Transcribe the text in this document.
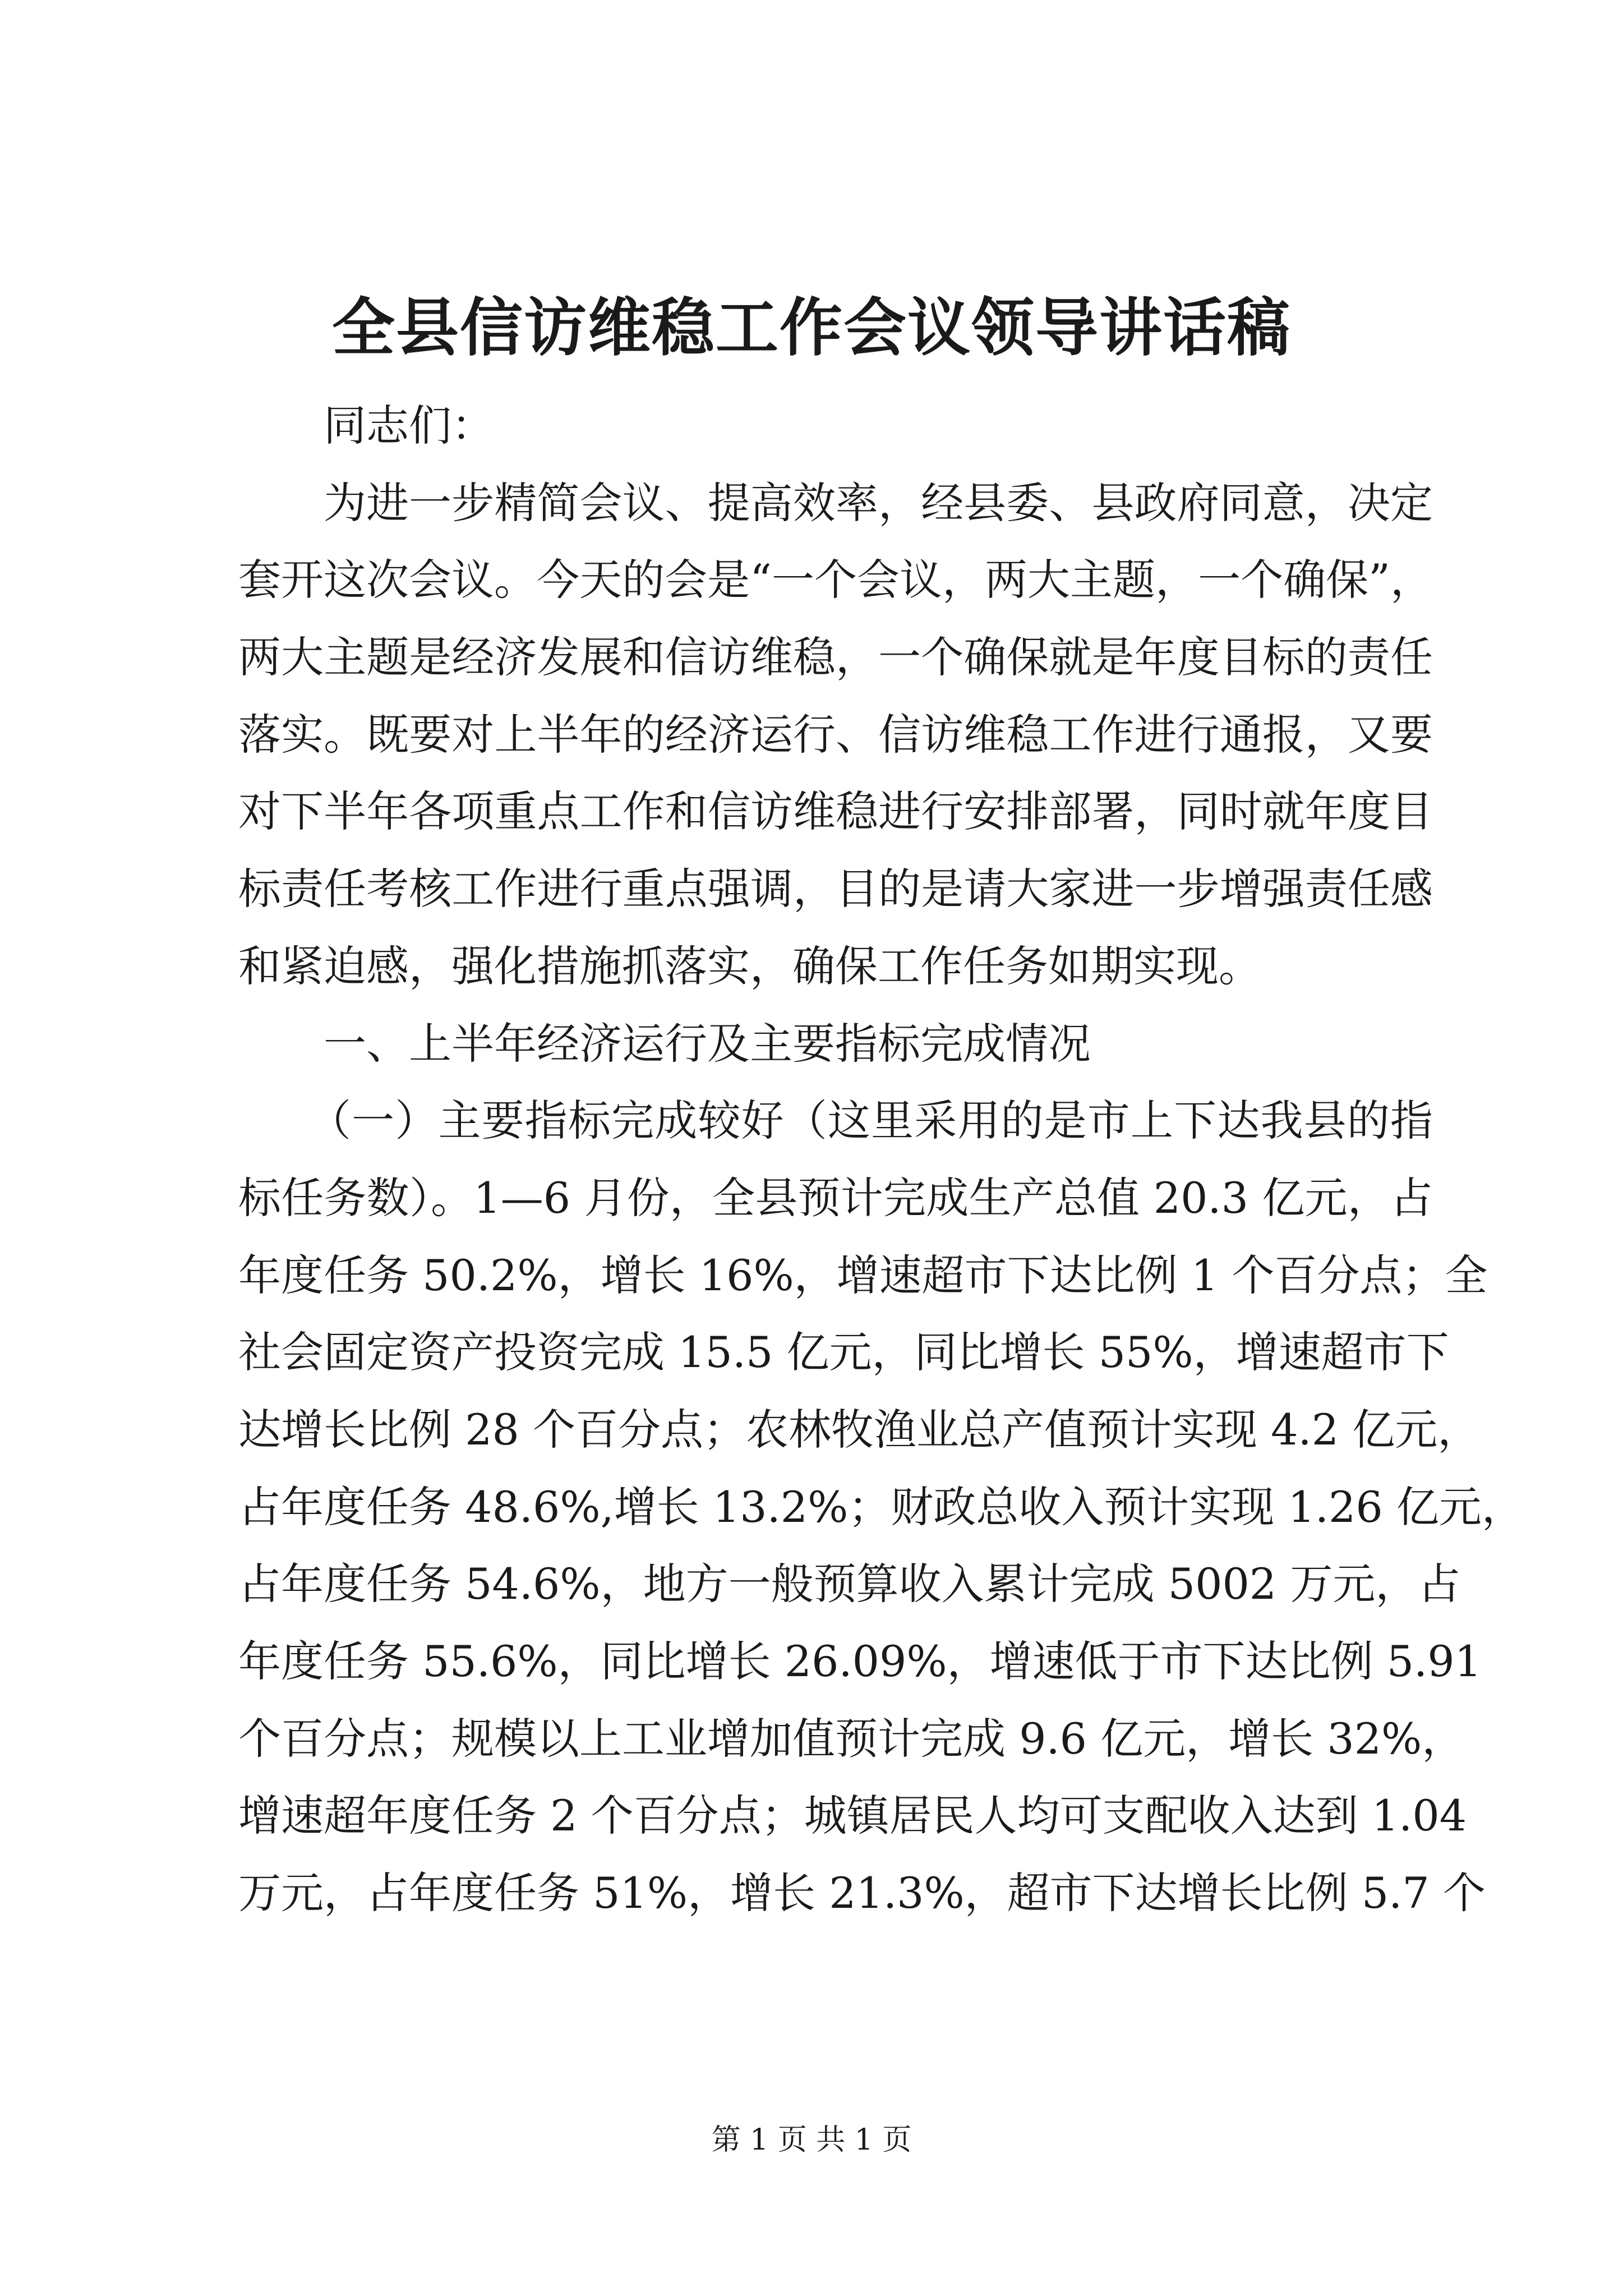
全县信访维稳工作会议领导讲话稿
同志们：
为进一步精简会议、提高效率，经县委、县政府同意，决定
套开这次会议。今天的会是“一个会议，两大主题，一个确保”，
两大主题是经济发展和信访维稳，一个确保就是年度目标的责任
落实。既要对上半年的经济运行、信访维稳工作进行通报，又要
对下半年各项重点工作和信访维稳进行安排部署，同时就年度目
标责任考核工作进行重点强调，目的是请大家进一步增强责任感
和紧迫感，强化措施抓落实，确保工作任务如期实现。
一、上半年经济运行及主要指标完成情况
（一）主要指标完成较好（这里采用的是市上下达我县的指
标任务数）。1—6 月份，全县预计完成生产总值 20.3 亿元，占
年度任务 50.2%，增长 16%，增速超市下达比例 1 个百分点；全
社会固定资产投资完成 15.5 亿元，同比增长 55%，增速超市下
达增长比例 28 个百分点；农林牧渔业总产值预计实现 4.2 亿元，
占年度任务 48.6%,增长 13.2%；财政总收入预计实现 1.26 亿元，
占年度任务 54.6%，地方一般预算收入累计完成 5002 万元，占
年度任务 55.6%，同比增长 26.09%，增速低于市下达比例 5.91
个百分点；规模以上工业增加值预计完成 9.6 亿元，增长 32%，
增速超年度任务 2 个百分点；城镇居民人均可支配收入达到 1.04
万元，占年度任务 51%，增长 21.3%，超市下达增长比例 5.7 个
第 1 页 共 1 页
